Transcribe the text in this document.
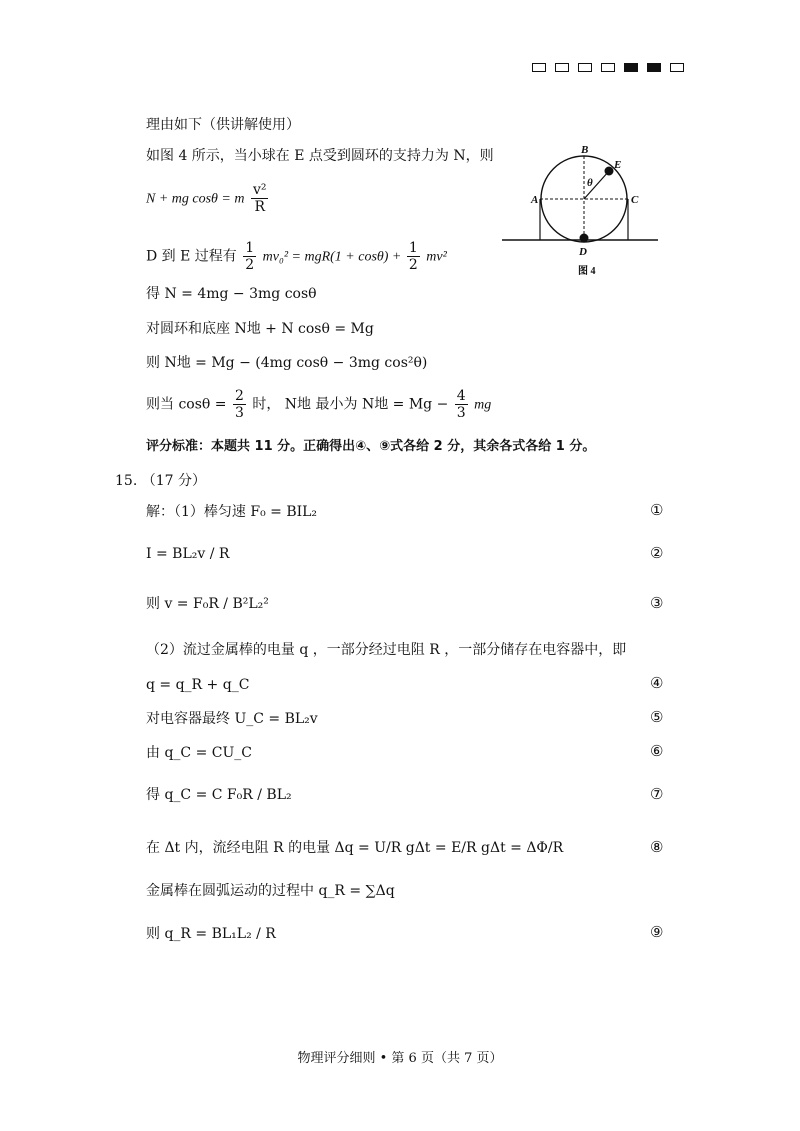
理由如下（供讲解使用）
如图 4 所示，当小球在 E 点受到圆环的支持力为 N，则
N + mg cosθ = m $\frac{\text{v²}}{R}$
D 到 E 过程有 $\frac{1}{2} mv_0^2 = mgR(1 + \cos\theta) + \frac{1}{2} mv^2$
得 N = 4mg − 3mg cosθ
对圆环和底座 N地 + N cosθ = Mg
则 N地 = Mg − (4mg cosθ − 3mg cos²θ)
则当 $\cos\theta = \frac{2}{3}$ 时， N地 最小为 N地 = $Mg - \frac{4}{3}$ mg
评分标准：本题共 11 分。正确得出④、⑨式各给 2 分，其余各式各给 1 分。
15. （17 分）
解：（1）棒匀速 F₀ = BIL₂	①
I = BL₂v / R	②
则 v = F₀R / B²L₂²	③
（2）流过金属棒的电量 q ，一部分经过电阻 R ，一部分储存在电容器中，即
q = q_R + q_C	④
对电容器最终 U_C = BL₂v	⑤
由 q_C = CU_C	⑥
得 q_C = C F₀R / BL₂	⑦
在 Δt 内，流经电阻 R 的电量 Δq = U/R gΔt = E/R gΔt = ΔΦ/R	⑧
金属棒在圆弧运动的过程中 q_R = ∑Δq
则 q_R = BL₁L₂ / R	⑨
B
E
θ
A	C
D
图 4
物理评分细则 • 第 6 页（共 7 页）
